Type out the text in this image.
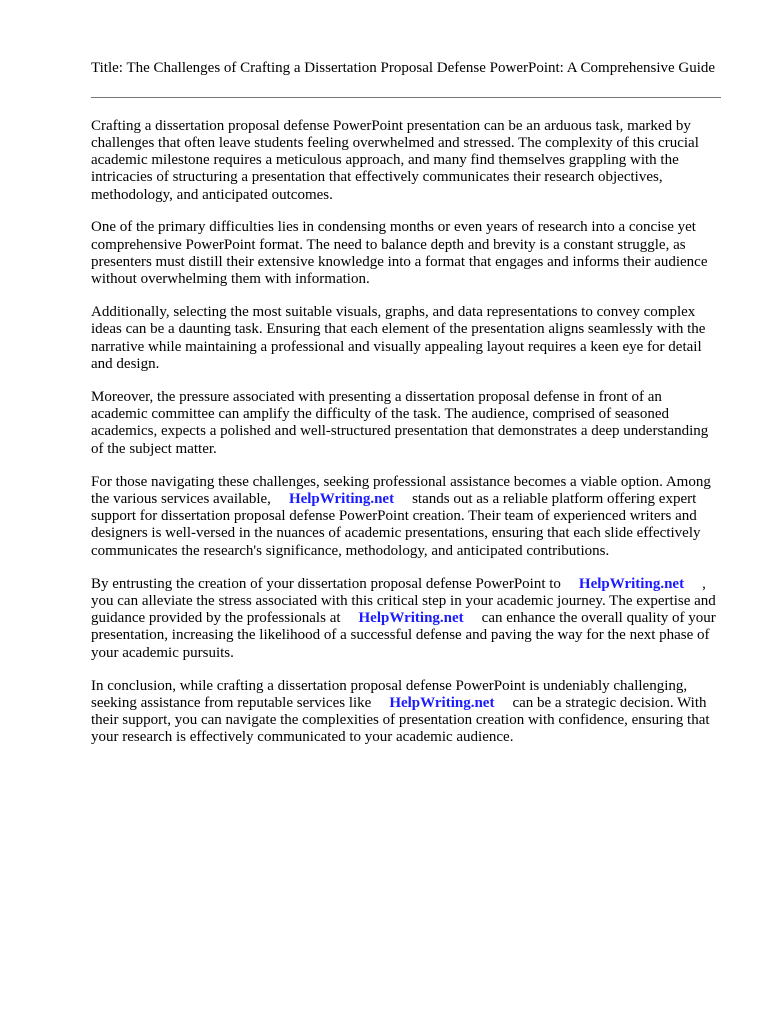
Title: The Challenges of Crafting a Dissertation Proposal Defense PowerPoint: A Comprehensive Guide

Crafting a dissertation proposal defense PowerPoint presentation can be an arduous task, marked by challenges that often leave students feeling overwhelmed and stressed. The complexity of this crucial academic milestone requires a meticulous approach, and many find themselves grappling with the intricacies of structuring a presentation that effectively communicates their research objectives, methodology, and anticipated outcomes.

One of the primary difficulties lies in condensing months or even years of research into a concise yet comprehensive PowerPoint format. The need to balance depth and brevity is a constant struggle, as presenters must distill their extensive knowledge into a format that engages and informs their audience without overwhelming them with information.

Additionally, selecting the most suitable visuals, graphs, and data representations to convey complex ideas can be a daunting task. Ensuring that each element of the presentation aligns seamlessly with the narrative while maintaining a professional and visually appealing layout requires a keen eye for detail and design.

Moreover, the pressure associated with presenting a dissertation proposal defense in front of an academic committee can amplify the difficulty of the task. The audience, comprised of seasoned academics, expects a polished and well-structured presentation that demonstrates a deep understanding of the subject matter.

For those navigating these challenges, seeking professional assistance becomes a viable option. Among the various services available, HelpWriting.net stands out as a reliable platform offering expert support for dissertation proposal defense PowerPoint creation. Their team of experienced writers and designers is well-versed in the nuances of academic presentations, ensuring that each slide effectively communicates the research's significance, methodology, and anticipated contributions.

By entrusting the creation of your dissertation proposal defense PowerPoint to HelpWriting.net , you can alleviate the stress associated with this critical step in your academic journey. The expertise and guidance provided by the professionals at HelpWriting.net can enhance the overall quality of your presentation, increasing the likelihood of a successful defense and paving the way for the next phase of your academic pursuits.

In conclusion, while crafting a dissertation proposal defense PowerPoint is undeniably challenging, seeking assistance from reputable services like HelpWriting.net can be a strategic decision. With their support, you can navigate the complexities of presentation creation with confidence, ensuring that your research is effectively communicated to your academic audience.
